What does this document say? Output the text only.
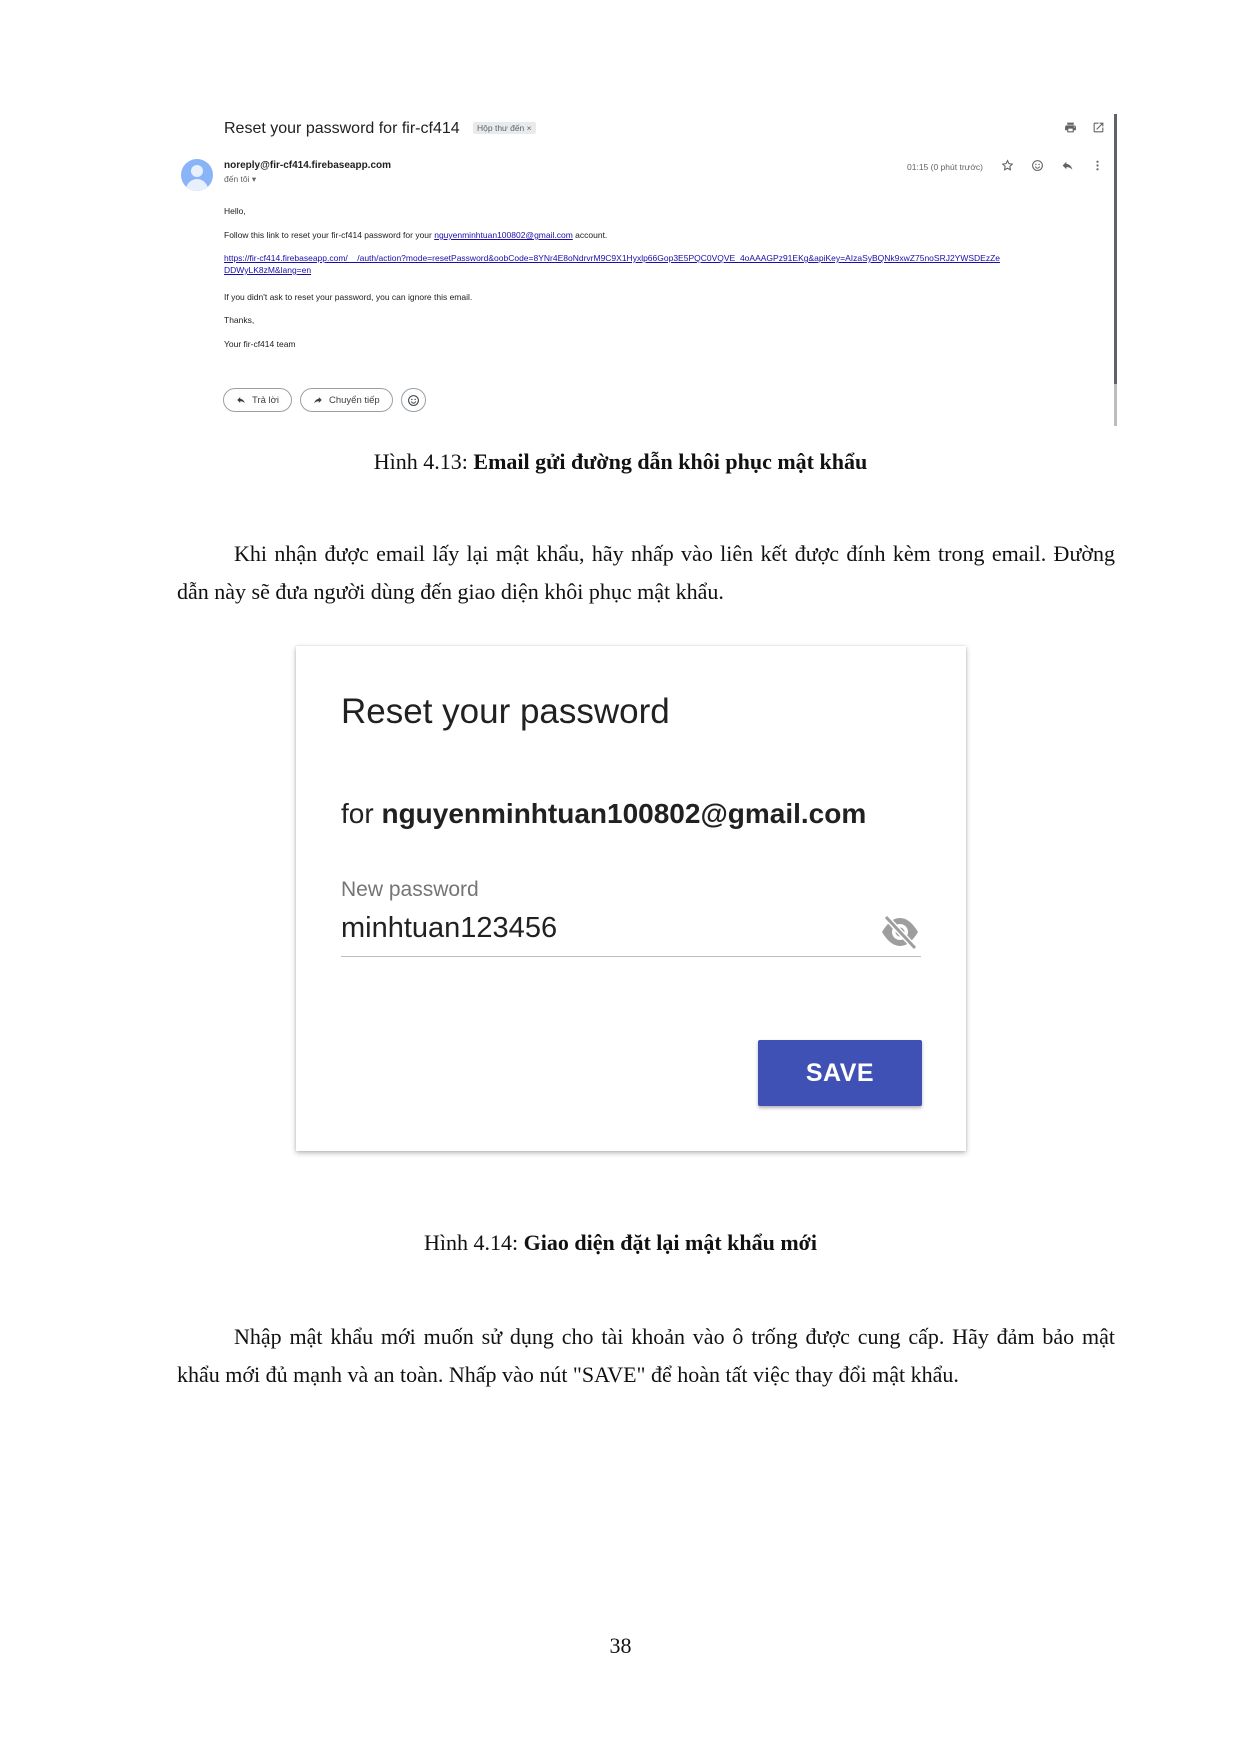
Reset your password for fir-cf414	Hộp thư đến ×
noreply@fir-cf414.firebaseapp.com
đến tôi ▾
01:15 (0 phút trước)
Hello,
Follow this link to reset your fir-cf414 password for your nguyenminhtuan100802@gmail.com account.
https://fir-cf414.firebaseapp.com/__/auth/action?mode=resetPassword&oobCode=8YNr4E8oNdrvrM9C9X1Hyxlp66Gop3E5PQC0VQVE_4oAAAGPz91EKg&apiKey=AIzaSyBQNk9xwZ75noSRJ2YWSDEzZe
DDWyLK8zM&lang=en
If you didn't ask to reset your password, you can ignore this email.
Thanks,
Your fir-cf414 team
Trả lời	Chuyển tiếp
Hình 4.13: Email gửi đường dẫn khôi phục mật khẩu
Khi nhận được email lấy lại mật khẩu, hãy nhấp vào liên kết được đính kèm trong email. Đường dẫn này sẽ đưa người dùng đến giao diện khôi phục mật khẩu.
Reset your password
for nguyenminhtuan100802@gmail.com
New password
minhtuan123456
SAVE
Hình 4.14: Giao diện đặt lại mật khẩu mới
Nhập mật khẩu mới muốn sử dụng cho tài khoản vào ô trống được cung cấp. Hãy đảm bảo mật khẩu mới đủ mạnh và an toàn. Nhấp vào nút "SAVE" để hoàn tất việc thay đổi mật khẩu.
38
